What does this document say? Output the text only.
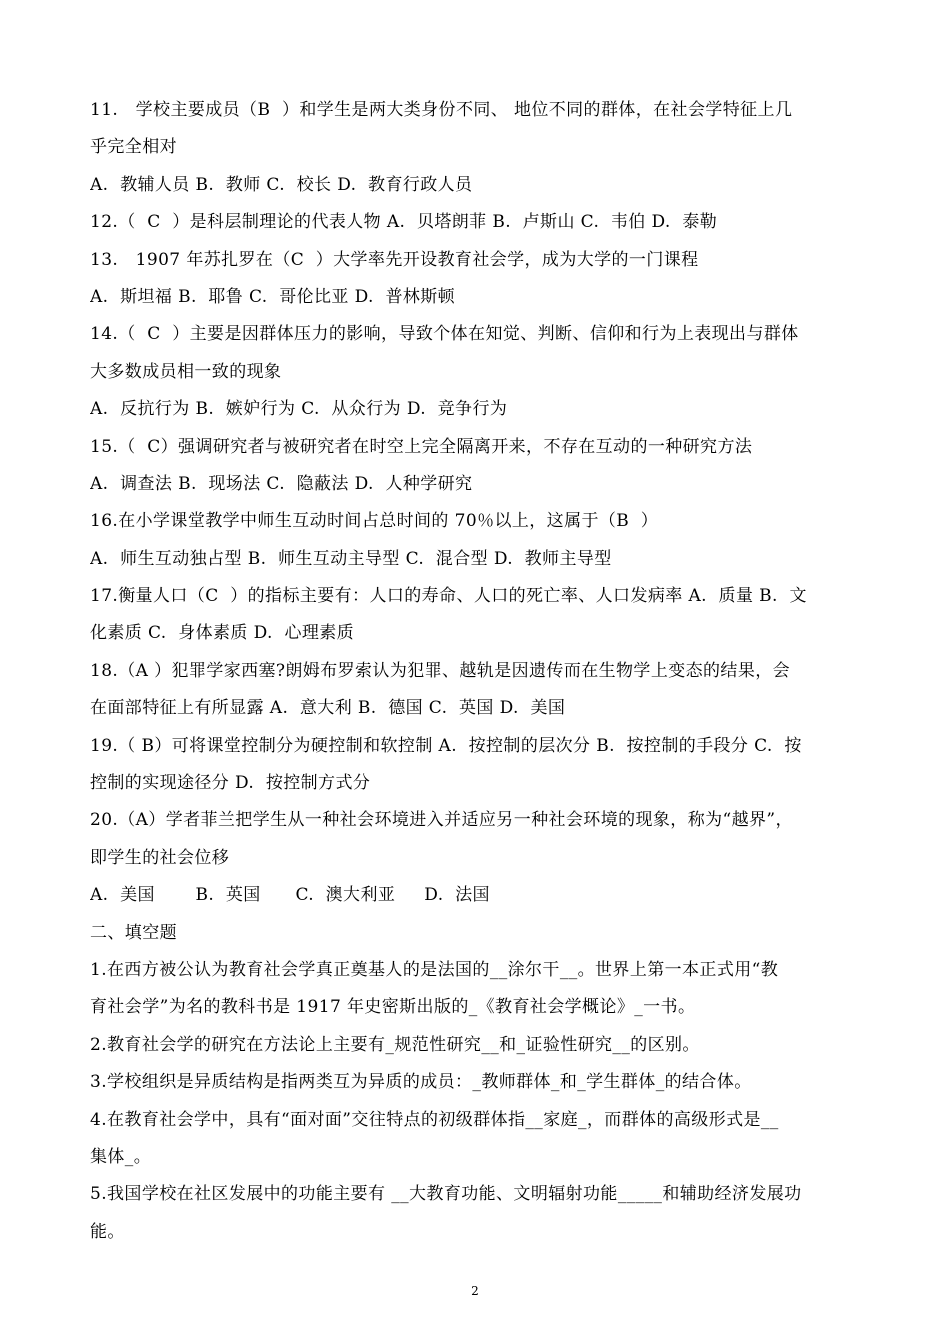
11.   学校主要成员（B  ）和学生是两大类身份不同、 地位不同的群体，在社会学特征上几
乎完全相对
A.  教辅人员 B.  教师 C.  校长 D.  教育行政人员
12.（  C  ）是科层制理论的代表人物 A.  贝塔朗菲 B.  卢斯山 C.  韦伯 D.  泰勒
13.   1907 年苏扎罗在（C  ）大学率先开设教育社会学，成为大学的一门课程
A.  斯坦福 B.  耶鲁 C.  哥伦比亚 D.  普林斯顿
14.（  C  ）主要是因群体压力的影响，导致个体在知觉、判断、信仰和行为上表现出与群体
大多数成员相一致的现象
A.  反抗行为 B.  嫉妒行为 C.  从众行为 D.  竞争行为
15.（  C）强调研究者与被研究者在时空上完全隔离开来，不存在互动的一种研究方法
A.  调查法 B.  现场法 C.  隐蔽法 D.  人种学研究
16.在小学课堂教学中师生互动时间占总时间的 70％以上，这属于（B  ）
A.  师生互动独占型 B.  师生互动主导型 C.  混合型 D.  教师主导型
17.衡量人口（C  ）的指标主要有：人口的寿命、人口的死亡率、人口发病率 A.  质量 B.  文
化素质 C.  身体素质 D.  心理素质
18.（A ）犯罪学家西塞?朗姆布罗索认为犯罪、越轨是因遗传而在生物学上变态的结果，会
在面部特征上有所显露 A.  意大利 B.  德国 C.  英国 D.  美国
19.（ B）可将课堂控制分为硬控制和软控制 A.  按控制的层次分 B.  按控制的手段分 C.  按
控制的实现途径分 D.  按控制方式分
20.（A）学者菲兰把学生从一种社会环境进入并适应另一种社会环境的现象，称为“越界”，
即学生的社会位移
A.  美国       B.  英国      C.  澳大利亚     D.  法国
二、填空题
1.在西方被公认为教育社会学真正奠基人的是法国的__涂尔干__。世界上第一本正式用“教
育社会学”为名的教科书是 1917 年史密斯出版的_《教育社会学概论》_一书。
2.教育社会学的研究在方法论上主要有_规范性研究__和_证验性研究__的区别。
3.学校组织是异质结构是指两类互为异质的成员：_教师群体_和_学生群体_的结合体。
4.在教育社会学中，具有“面对面”交往特点的初级群体指__家庭_，而群体的高级形式是__
集体_。
5.我国学校在社区发展中的功能主要有 __大教育功能、文明辐射功能_____和辅助经济发展功
能。
2
